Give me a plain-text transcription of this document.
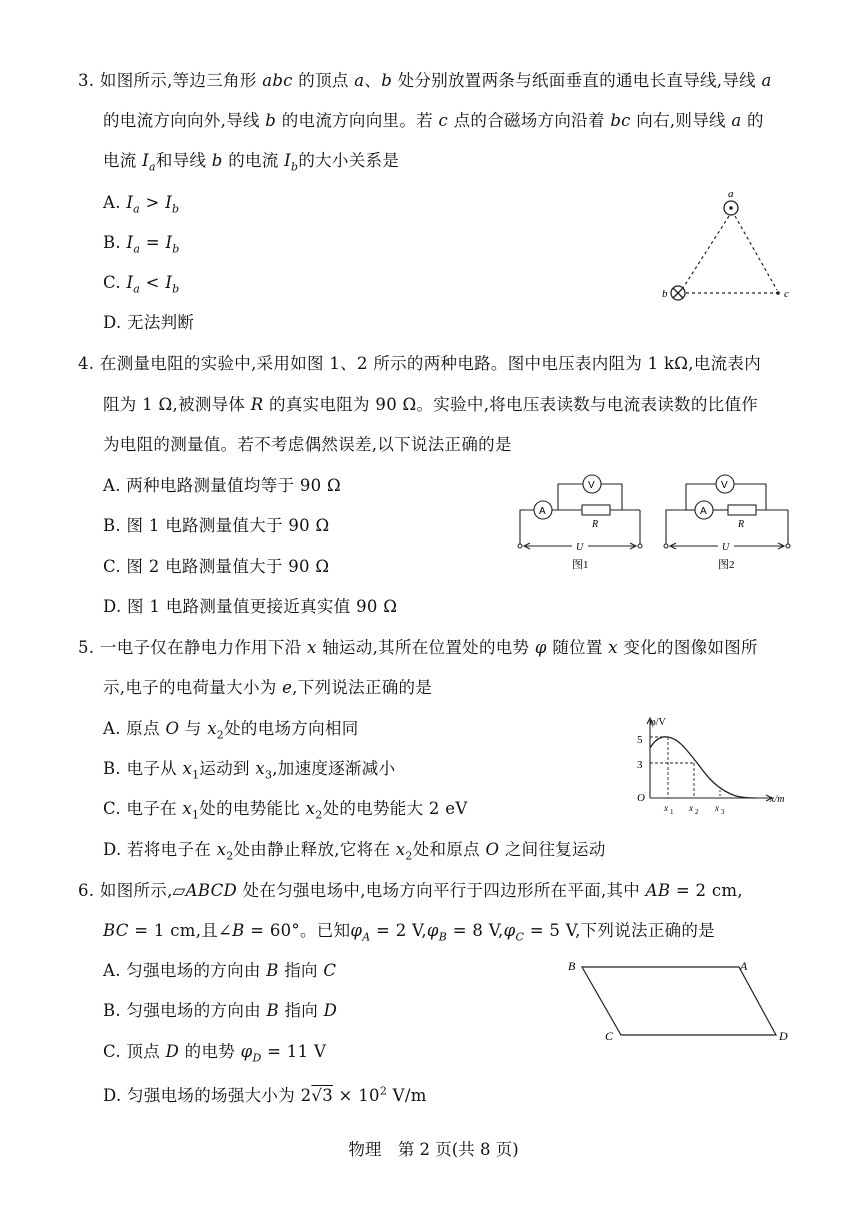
3. 如图所示,等边三角形 abc 的顶点 a、b 处分别放置两条与纸面垂直的通电长直导线,导线 a
的电流方向向外,导线 b 的电流方向向里。若 c 点的合磁场方向沿着 bc 向右,则导线 a 的
电流 $I_a$和导线 b 的电流 $I_b$的大小关系是
A. $I_a > I_b$
B. $I_a = I_b$
C. $I_a < I_b$
D. 无法判断
a
b	c
4. 在测量电阻的实验中,采用如图 1、2 所示的两种电路。图中电压表内阻为 1 kΩ,电流表内
阻为 1 Ω,被测导体 R 的真实电阻为 90 Ω。实验中,将电压表读数与电流表读数的比值作
为电阻的测量值。若不考虑偶然误差,以下说法正确的是
A. 两种电路测量值均等于 90 Ω
B. 图 1 电路测量值大于 90 Ω
C. 图 2 电路测量值大于 90 Ω
D. 图 1 电路测量值更接近真实值 90 Ω
A
V
R
U
图1
A
V
R
U
图2
5. 一电子仅在静电力作用下沿 x 轴运动,其所在位置处的电势 φ 随位置 x 变化的图像如图所
示,电子的电荷量大小为 e,下列说法正确的是
A. 原点 O 与 $x_2$处的电场方向相同
B. 电子从 $x_1$运动到 $x_3$,加速度逐渐减小
C. 电子在 $x_1$处的电势能比 $x_2$处的电势能大 2 eV
D. 若将电子在 $x_2$处由静止释放,它将在 $x_2$处和原点 O 之间往复运动
φ/V
x/m
5
3
O
x 1 x 2 x 3
6. 如图所示,▱ABCD 处在匀强电场中,电场方向平行于四边形所在平面,其中 AB = 2 cm,
BC = 1 cm,且∠B = 60°。已知$\varphi_A = 2$ $V,\varphi_B = 8$ $V,\varphi_C = 5$ V,下列说法正确的是
A. 匀强电场的方向由 B 指向 C
B. 匀强电场的方向由 B 指向 D
C. 顶点 D 的电势 $\varphi_D = 11$ V
D. 匀强电场的场强大小为 $2√3 \times 10^2$ V/m
B	A
C	D
物理　第 2 页(共 8 页)
